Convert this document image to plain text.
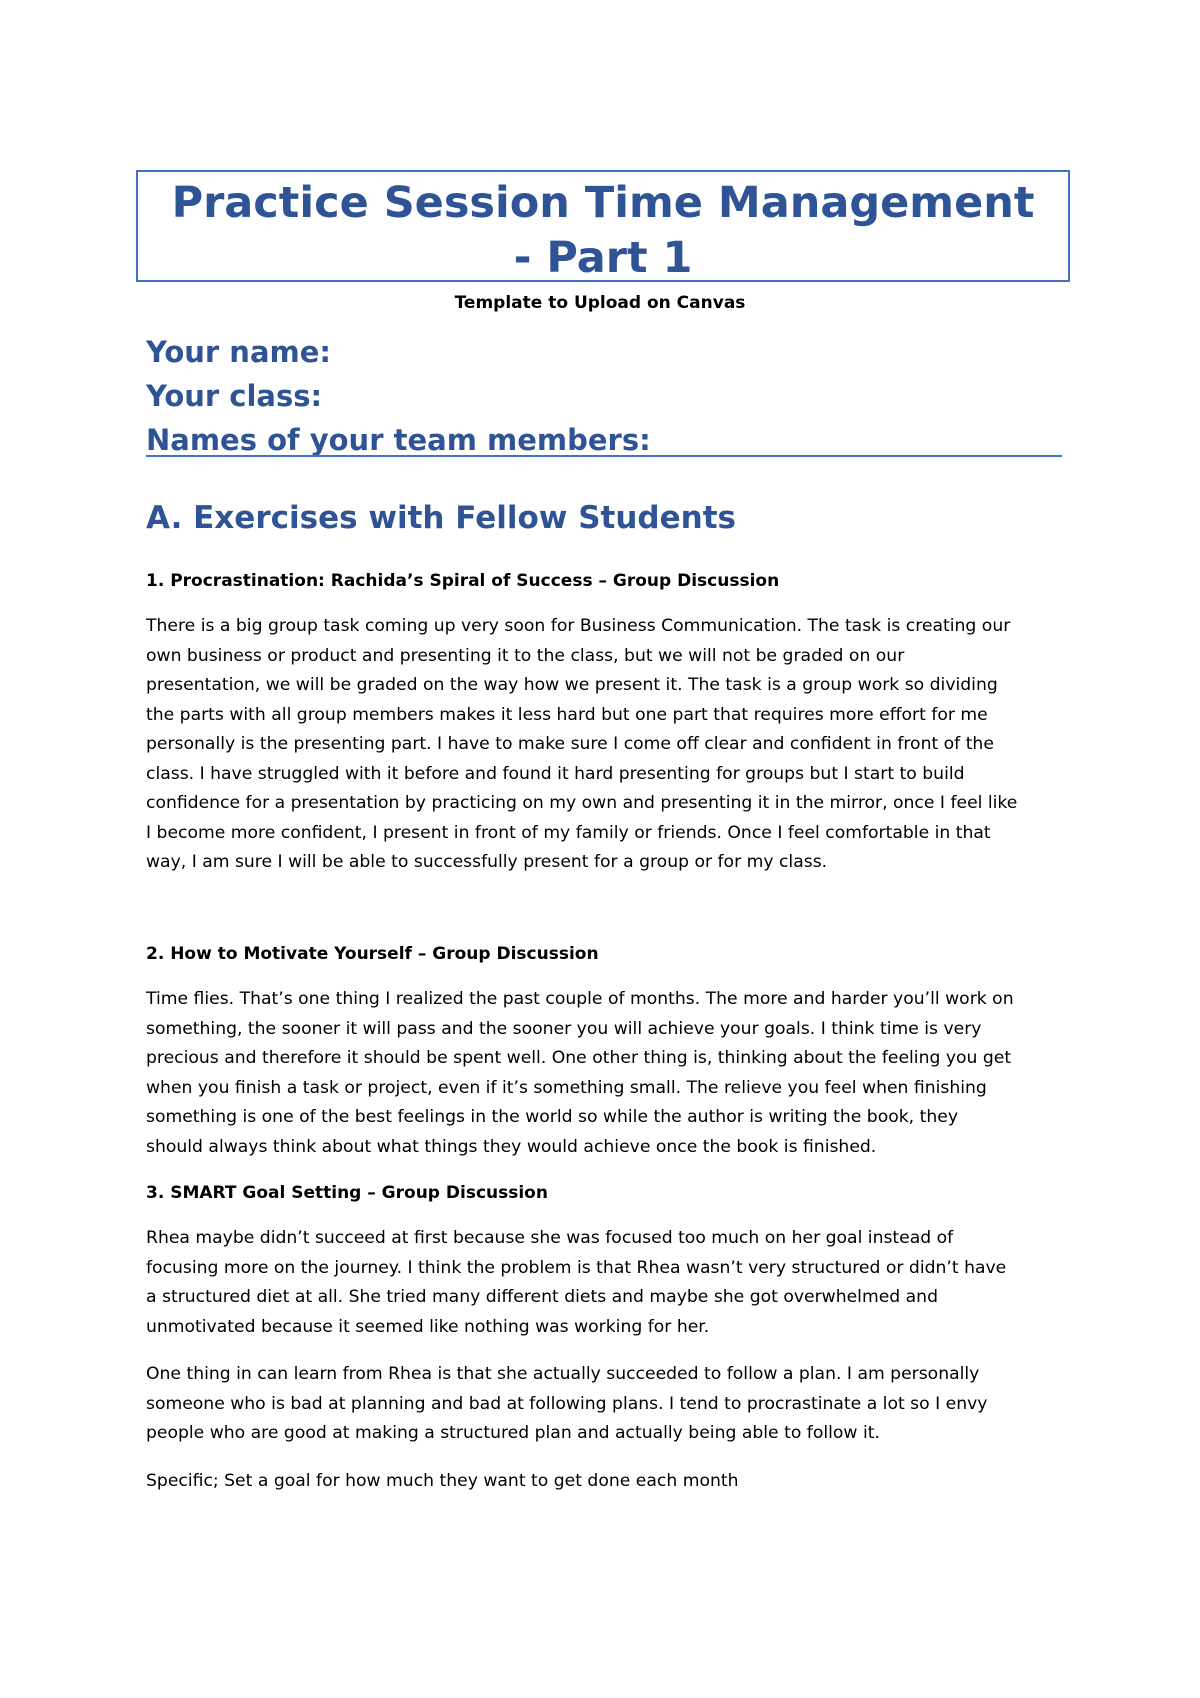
Practice Session Time Management
- Part 1

Template to Upload on Canvas
Your name:
Your class:
Names of your team members:
A. Exercises with Fellow Students

1. Procrastination: Rachida’s Spiral of Success – Group Discussion

There is a big group task coming up very soon for Business Communication. The task is creating our
own business or product and presenting it to the class, but we will not be graded on our
presentation, we will be graded on the way how we present it. The task is a group work so dividing
the parts with all group members makes it less hard but one part that requires more effort for me
personally is the presenting part. I have to make sure I come off clear and confident in front of the
class. I have struggled with it before and found it hard presenting for groups but I start to build
confidence for a presentation by practicing on my own and presenting it in the mirror, once I feel like
I become more confident, I present in front of my family or friends. Once I feel comfortable in that
way, I am sure I will be able to successfully present for a group or for my class.

2. How to Motivate Yourself – Group Discussion

Time flies. That’s one thing I realized the past couple of months. The more and harder you’ll work on
something, the sooner it will pass and the sooner you will achieve your goals. I think time is very
precious and therefore it should be spent well. One other thing is, thinking about the feeling you get
when you finish a task or project, even if it’s something small. The relieve you feel when finishing
something is one of the best feelings in the world so while the author is writing the book, they
should always think about what things they would achieve once the book is finished.

3. SMART Goal Setting – Group Discussion

Rhea maybe didn’t succeed at first because she was focused too much on her goal instead of
focusing more on the journey. I think the problem is that Rhea wasn’t very structured or didn’t have
a structured diet at all. She tried many different diets and maybe she got overwhelmed and
unmotivated because it seemed like nothing was working for her.

One thing in can learn from Rhea is that she actually succeeded to follow a plan. I am personally
someone who is bad at planning and bad at following plans. I tend to procrastinate a lot so I envy
people who are good at making a structured plan and actually being able to follow it.

Specific; Set a goal for how much they want to get done each month
